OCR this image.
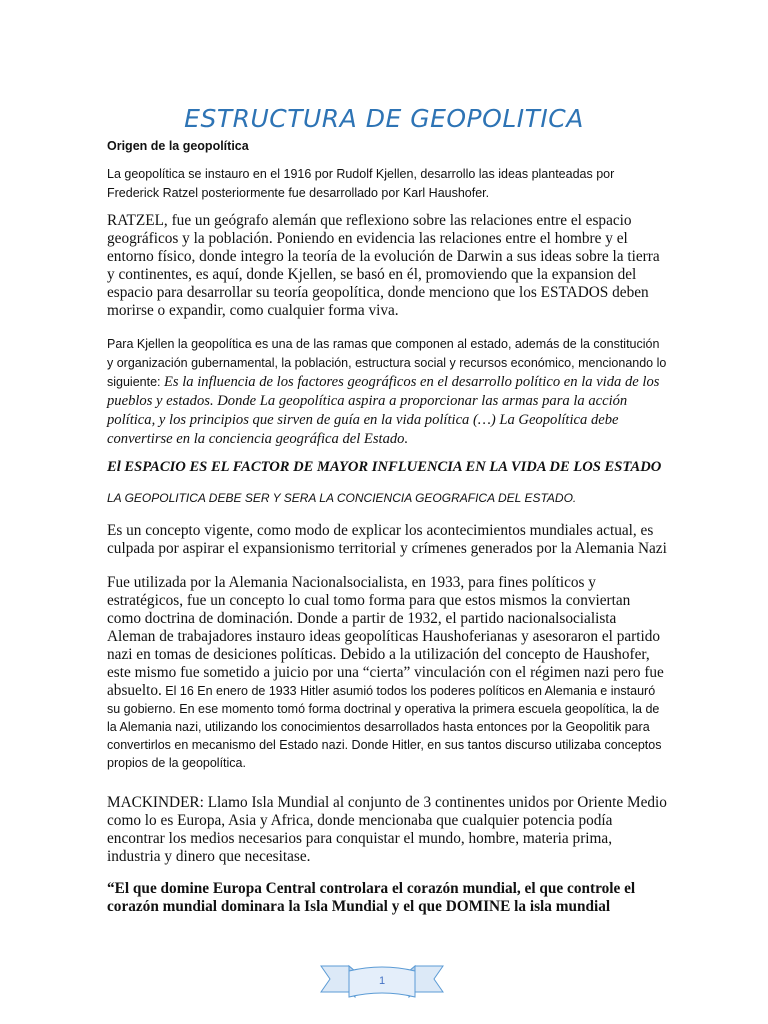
ESTRUCTURA DE GEOPOLITICA

Origen de la geopolítica

La geopolítica se instauro en el 1916 por Rudolf Kjellen, desarrollo las ideas planteadas por Frederick Ratzel posteriormente fue desarrollado por Karl Haushofer.

RATZEL, fue un geógrafo alemán que reflexiono sobre las relaciones entre el espacio geográficos y la población. Poniendo en evidencia las relaciones entre el hombre y el entorno físico, donde integro la teoría de la evolución de Darwin a sus ideas sobre la tierra y continentes, es aquí, donde Kjellen, se basó en él, promoviendo que la expansion del espacio para desarrollar su teoría geopolítica, donde menciono que los ESTADOS deben morirse o expandir, como cualquier forma viva.

Para Kjellen la geopolítica es una de las ramas que componen al estado, además de la constitución y organización gubernamental, la población, estructura social y recursos económico, mencionando lo siguiente: Es la influencia de los factores geográficos en el desarrollo político en la vida de los pueblos y estados. Donde La geopolítica aspira a proporcionar las armas para la acción política, y los principios que sirven de guía en la vida política (…) La Geopolítica debe convertirse en la conciencia geográfica del Estado.

El ESPACIO ES EL FACTOR DE MAYOR INFLUENCIA EN LA VIDA DE LOS ESTADO

LA GEOPOLITICA DEBE SER Y SERA LA CONCIENCIA GEOGRAFICA DEL ESTADO.

Es un concepto vigente, como modo de explicar los acontecimientos mundiales actual, es culpada por aspirar el expansionismo territorial y crímenes generados por la Alemania Nazi

Fue utilizada por la Alemania Nacionalsocialista, en 1933, para fines políticos y estratégicos, fue un concepto lo cual tomo forma para que estos mismos la conviertan como doctrina de dominación. Donde a partir de 1932, el partido nacionalsocialista Aleman de trabajadores instauro ideas geopolíticas Haushoferianas y asesoraron el partido nazi en tomas de desiciones políticas. Debido a la utilización del concepto de Haushofer, este mismo fue sometido a juicio por una “cierta” vinculación con el régimen nazi pero fue absuelto. El 16 En enero de 1933 Hitler asumió todos los poderes políticos en Alemania e instauró su gobierno. En ese momento tomó forma doctrinal y operativa la primera escuela geopolítica, la de la Alemania nazi, utilizando los conocimientos desarrollados hasta entonces por la Geopolitik para convertirlos en mecanismo del Estado nazi. Donde Hitler, en sus tantos discurso utilizaba conceptos propios de la geopolítica.

MACKINDER: Llamo Isla Mundial al conjunto de 3 continentes unidos por Oriente Medio como lo es Europa, Asia y Africa, donde mencionaba que cualquier potencia podía encontrar los medios necesarios para conquistar el mundo, hombre, materia prima, industria y dinero que necesitase.

“El que domine Europa Central controlara el corazón mundial, el que controle el corazón mundial dominara la Isla Mundial y el que DOMINE la isla mundial

1
